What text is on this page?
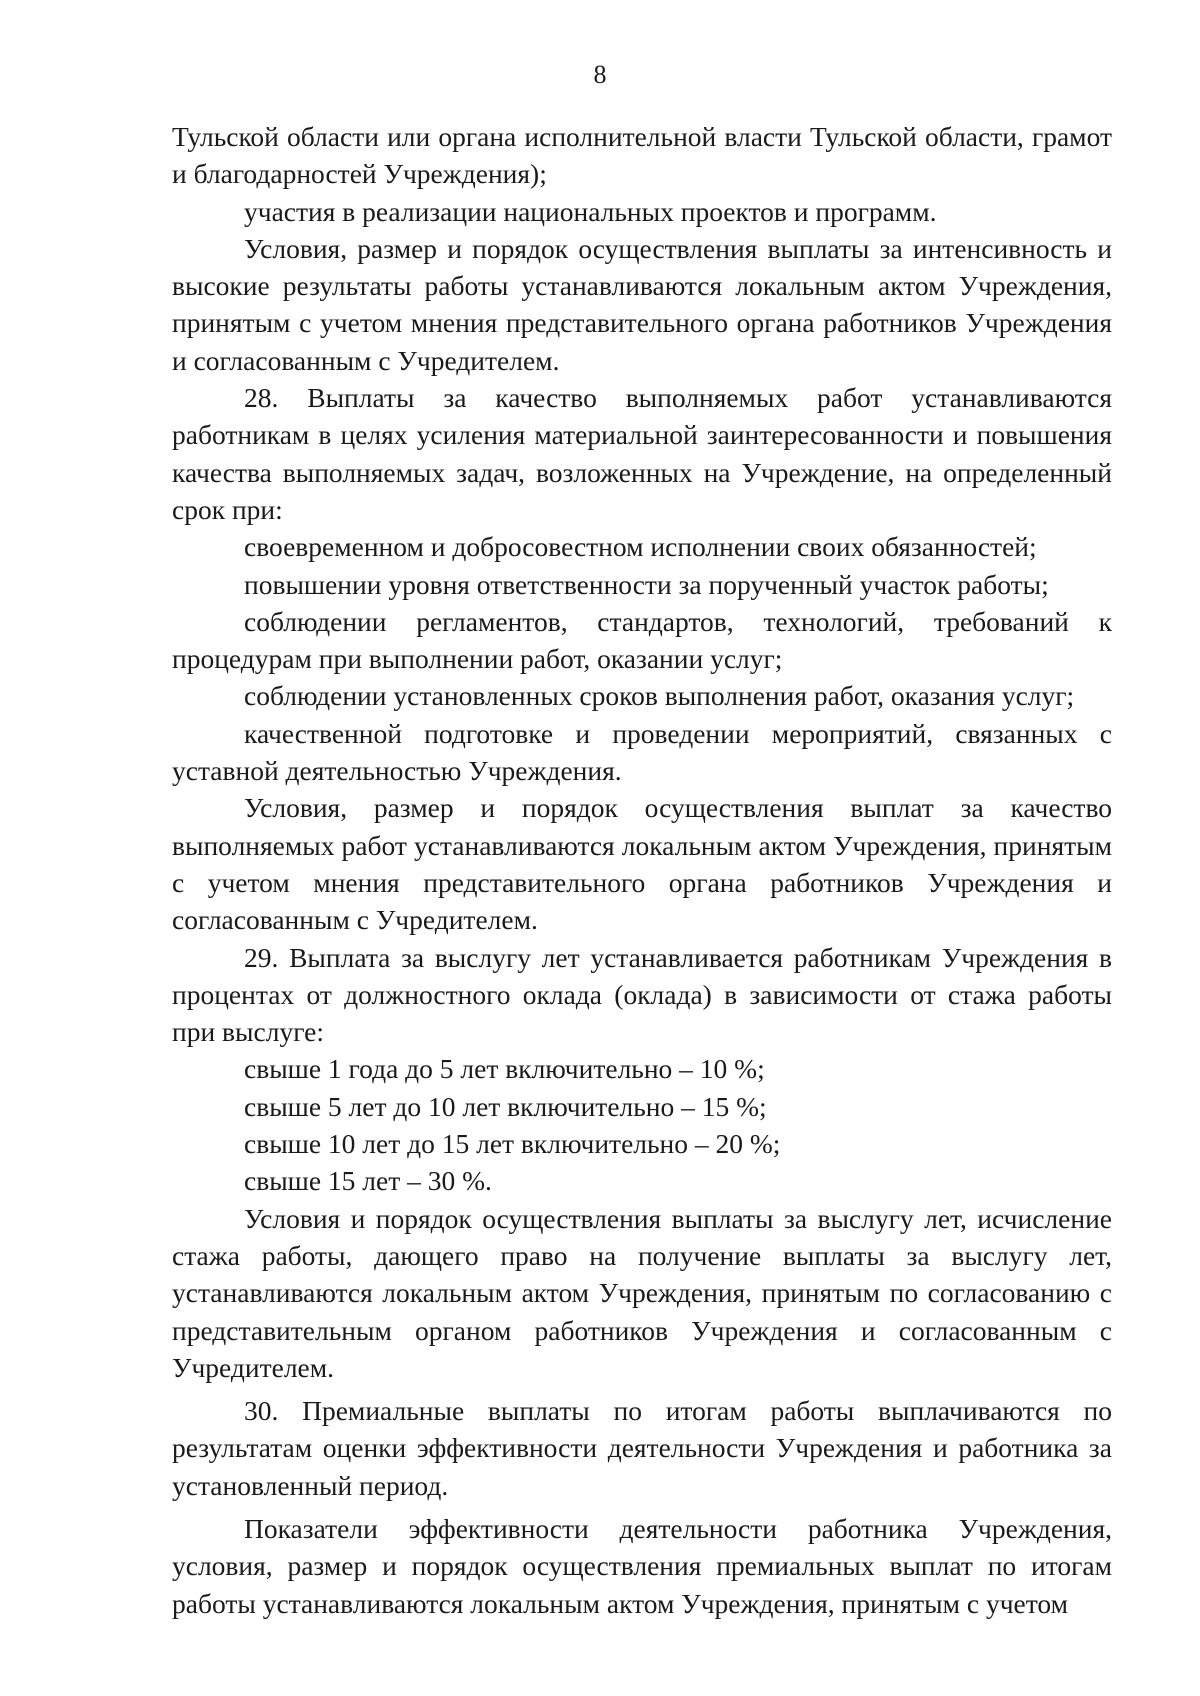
8

Тульской области или органа исполнительной власти Тульской области, грамот и благодарностей Учреждения);

участия в реализации национальных проектов и программ.

Условия, размер и порядок осуществления выплаты за интенсивность и высокие результаты работы устанавливаются локальным актом Учреждения, принятым с учетом мнения представительного органа работников Учреждения и согласованным с Учредителем.

28. Выплаты за качество выполняемых работ устанавливаются работникам в целях усиления материальной заинтересованности и повышения качества выполняемых задач, возложенных на Учреждение, на определенный срок при:

своевременном и добросовестном исполнении своих обязанностей;

повышении уровня ответственности за порученный участок работы;

соблюдении регламентов, стандартов, технологий, требований к процедурам при выполнении работ, оказании услуг;

соблюдении установленных сроков выполнения работ, оказания услуг;

качественной подготовке и проведении мероприятий, связанных с уставной деятельностью Учреждения.

Условия, размер и порядок осуществления выплат за качество выполняемых работ устанавливаются локальным актом Учреждения, принятым с учетом мнения представительного органа работников Учреждения и согласованным с Учредителем.

29. Выплата за выслугу лет устанавливается работникам Учреждения в процентах от должностного оклада (оклада) в зависимости от стажа работы при выслуге:

свыше 1 года до 5 лет включительно – 10 %;

свыше 5 лет до 10 лет включительно – 15 %;

свыше 10 лет до 15 лет включительно – 20 %;

свыше 15 лет – 30 %.

Условия и порядок осуществления выплаты за выслугу лет, исчисление стажа работы, дающего право на получение выплаты за выслугу лет, устанавливаются локальным актом Учреждения, принятым по согласованию с представительным органом работников Учреждения и согласованным с Учредителем.

30. Премиальные выплаты по итогам работы выплачиваются по результатам оценки эффективности деятельности Учреждения и работника за установленный период.

Показатели эффективности деятельности работника Учреждения, условия, размер и порядок осуществления премиальных выплат по итогам работы устанавливаются локальным актом Учреждения, принятым с учетом
